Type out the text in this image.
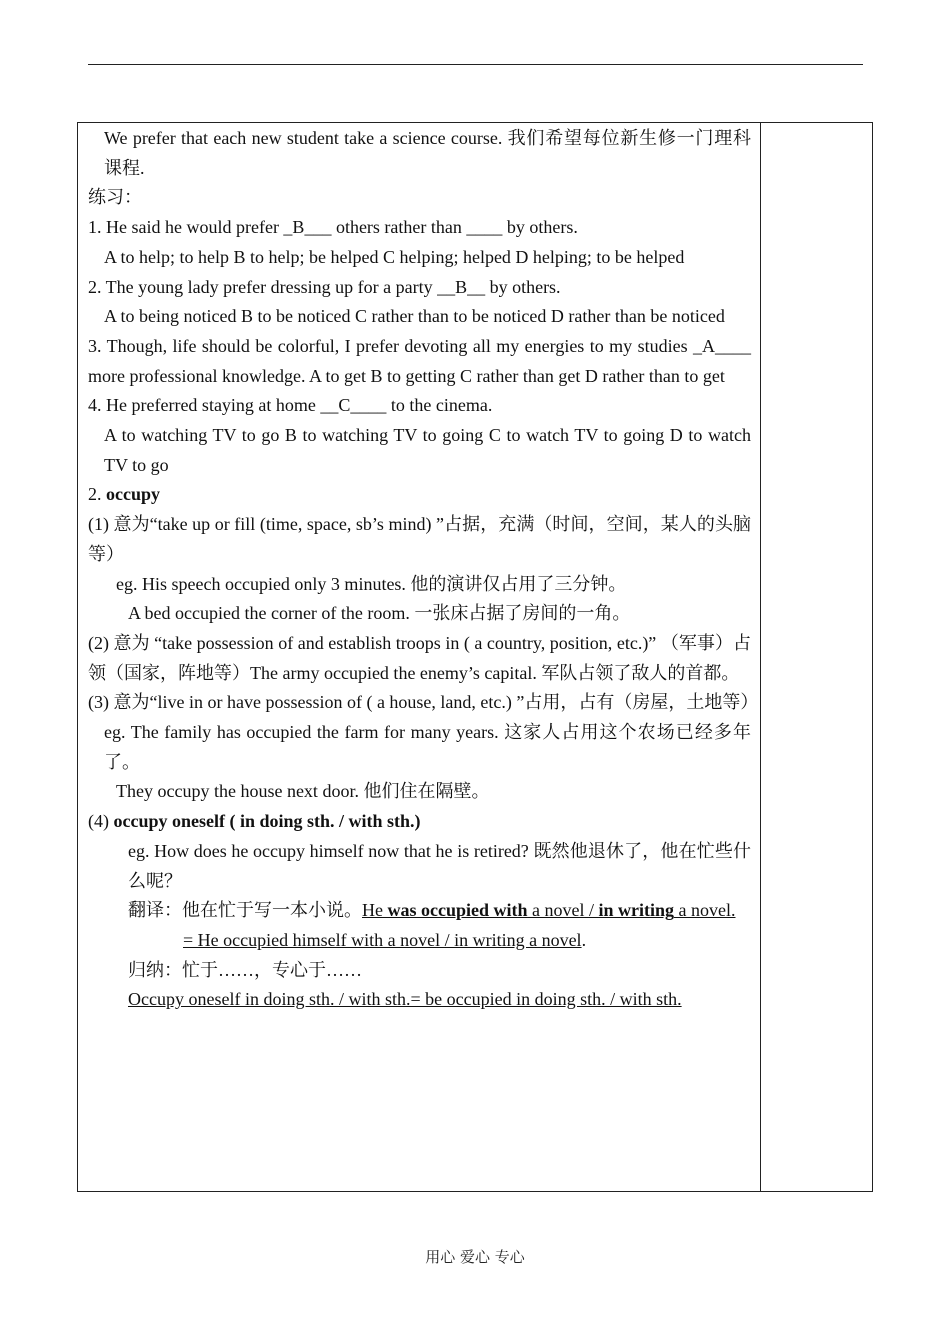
We prefer that each new student take a science course. 我们希望每位新生修一门理科课程.

练习：

1. He said he would prefer _B___ others rather than ____ by others.

A to help; to help B to help; be helped C helping; helped D helping; to be helped

2. The young lady prefer dressing up for a party __B__ by others.

A to being noticed B to be noticed C rather than to be noticed D rather than be noticed

3. Though, life should be colorful, I prefer devoting all my energies to my studies _A____ more professional knowledge. A to get B to getting C rather than get D rather than to get

4. He preferred staying at home __C____ to the cinema.

A to watching TV to go B to watching TV to going C to watch TV to going D to watch TV to go

2. occupy

(1) 意为“take up or fill (time, space, sb’s mind) ”占据，充满（时间，空间，某人的头脑等）

eg. His speech occupied only 3 minutes. 他的演讲仅占用了三分钟。

A bed occupied the corner of the room. 一张床占据了房间的一角。

(2) 意为 “take possession of and establish troops in ( a country, position, etc.)” （军事）占领（国家，阵地等）The army occupied the enemy’s capital. 军队占领了敌人的首都。

(3) 意为“live in or have possession of ( a house, land, etc.) ”占用，占有（房屋，土地等）

eg. The family has occupied the farm for many years. 这家人占用这个农场已经多年了。

They occupy the house next door. 他们住在隔壁。

(4) occupy oneself ( in doing sth. / with sth.)

eg. How does he occupy himself now that he is retired? 既然他退休了，他在忙些什么呢？

翻译：他在忙于写一本小说。He was occupied with a novel / in writing a novel.

= He occupied himself with a novel / in writing a novel.

归纳：忙于……，专心于……

Occupy oneself in doing sth. / with sth.= be occupied in doing sth. / with sth.

用心 爱心 专心
